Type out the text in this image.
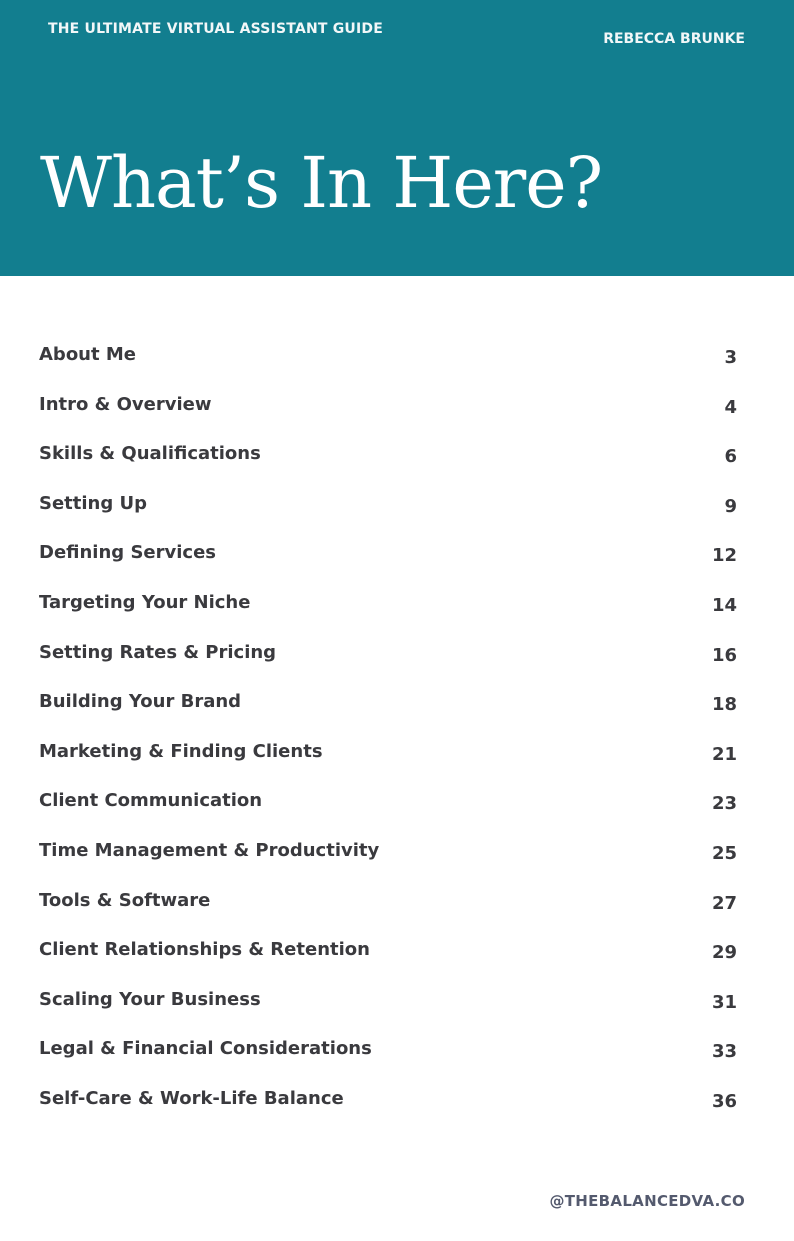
THE ULTIMATE VIRTUAL ASSISTANT GUIDE
REBECCA BRUNKE
What’s In Here?
About Me	3
Intro & Overview	4
Skills & Qualifications	6
Setting Up	9
Defining Services	12
Targeting Your Niche	14
Setting Rates & Pricing	16
Building Your Brand	18
Marketing & Finding Clients	21
Client Communication	23
Time Management & Productivity	25
Tools & Software	27
Client Relationships & Retention	29
Scaling Your Business	31
Legal & Financial Considerations	33
Self-Care & Work-Life Balance	36
@THEBALANCEDVA.CO
